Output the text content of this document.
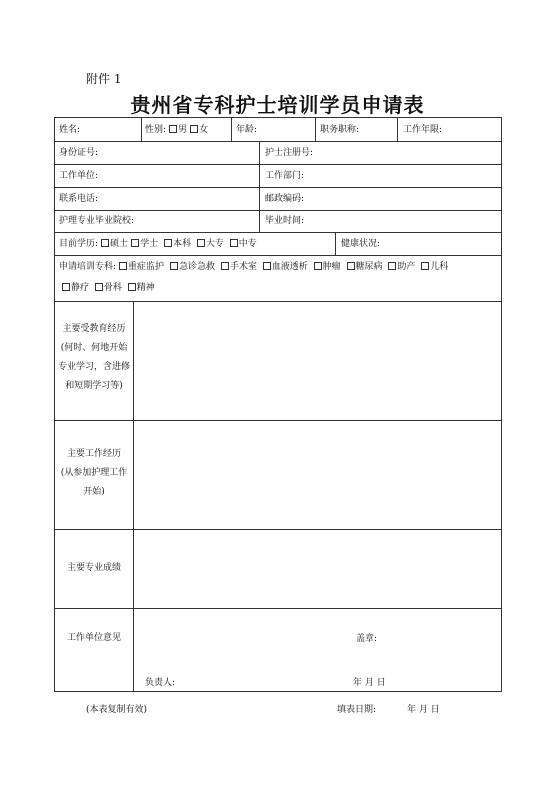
附件 1
贵州省专科护士培训学员申请表
姓名:	性别: 男 女	年龄:	职务职称:	工作年限:
身份证号:	护士注册号:
工作单位:	工作部门:
联系电话:	邮政编码:
护理专业毕业院校:	毕业时间:
目前学历: 硕士 学士 本科 大专 中专	健康状况:
申请培训专科: 重症监护 急诊急救 手术室 血液透析 肿瘤 糖尿病 助产 儿科
静疗 骨科 精神
主要受教育经历
(何时、何地开始
专业学习，含进修
和短期学习等)
主要工作经历
(从参加护理工作
开始)
主要专业成绩
工作单位意见	盖章:
负责人:	年 月 日
(本表复制有效)	填表日期:	年 月 日
